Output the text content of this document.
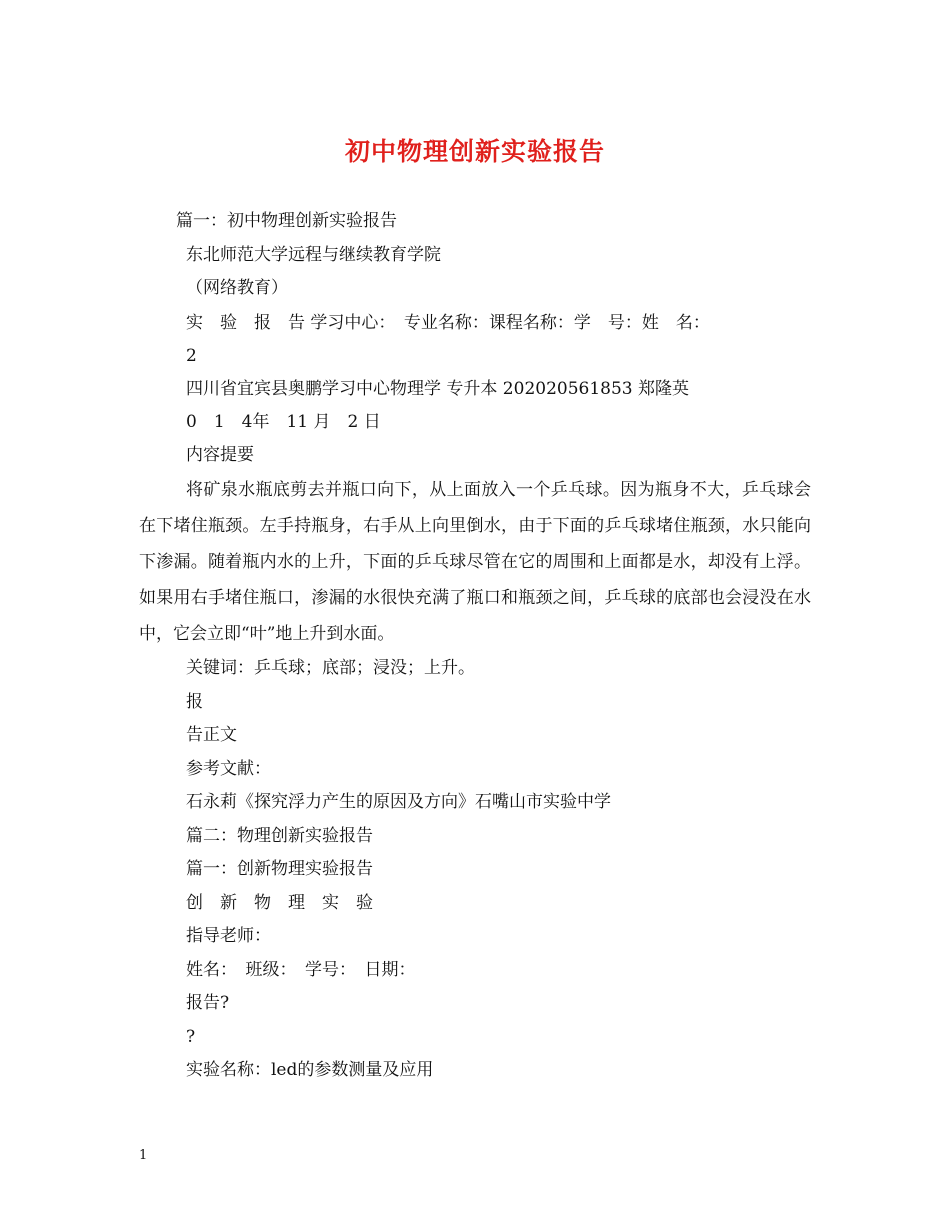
初中物理创新实验报告

篇一：初中物理创新实验报告

东北师范大学远程与继续教育学院

（网络教育）

实　验　报　告 学习中心：　专业名称：课程名称：学　号：姓　名：

2

四川省宜宾县奥鹏学习中心物理学 专升本 202020561853 郑隆英

0　1　4年　11 月　2 日

内容提要

将矿泉水瓶底剪去并瓶口向下，从上面放入一个乒乓球。因为瓶身不大，乒乓球会在下堵住瓶颈。左手持瓶身，右手从上向里倒水，由于下面的乒乓球堵住瓶颈，水只能向下渗漏。随着瓶内水的上升，下面的乒乓球尽管在它的周围和上面都是水，却没有上浮。如果用右手堵住瓶口，渗漏的水很快充满了瓶口和瓶颈之间，乒乓球的底部也会浸没在水中，它会立即“叶”地上升到水面。

关键词：乒乓球；底部；浸没；上升。

报

告正文

参考文献：

石永莉《探究浮力产生的原因及方向》石嘴山市实验中学

篇二：物理创新实验报告

篇一：创新物理实验报告

创　新　物　理　实　验

指导老师：

姓名：　班级：　学号：　日期：

报告?

?

实验名称：led的参数测量及应用

1
